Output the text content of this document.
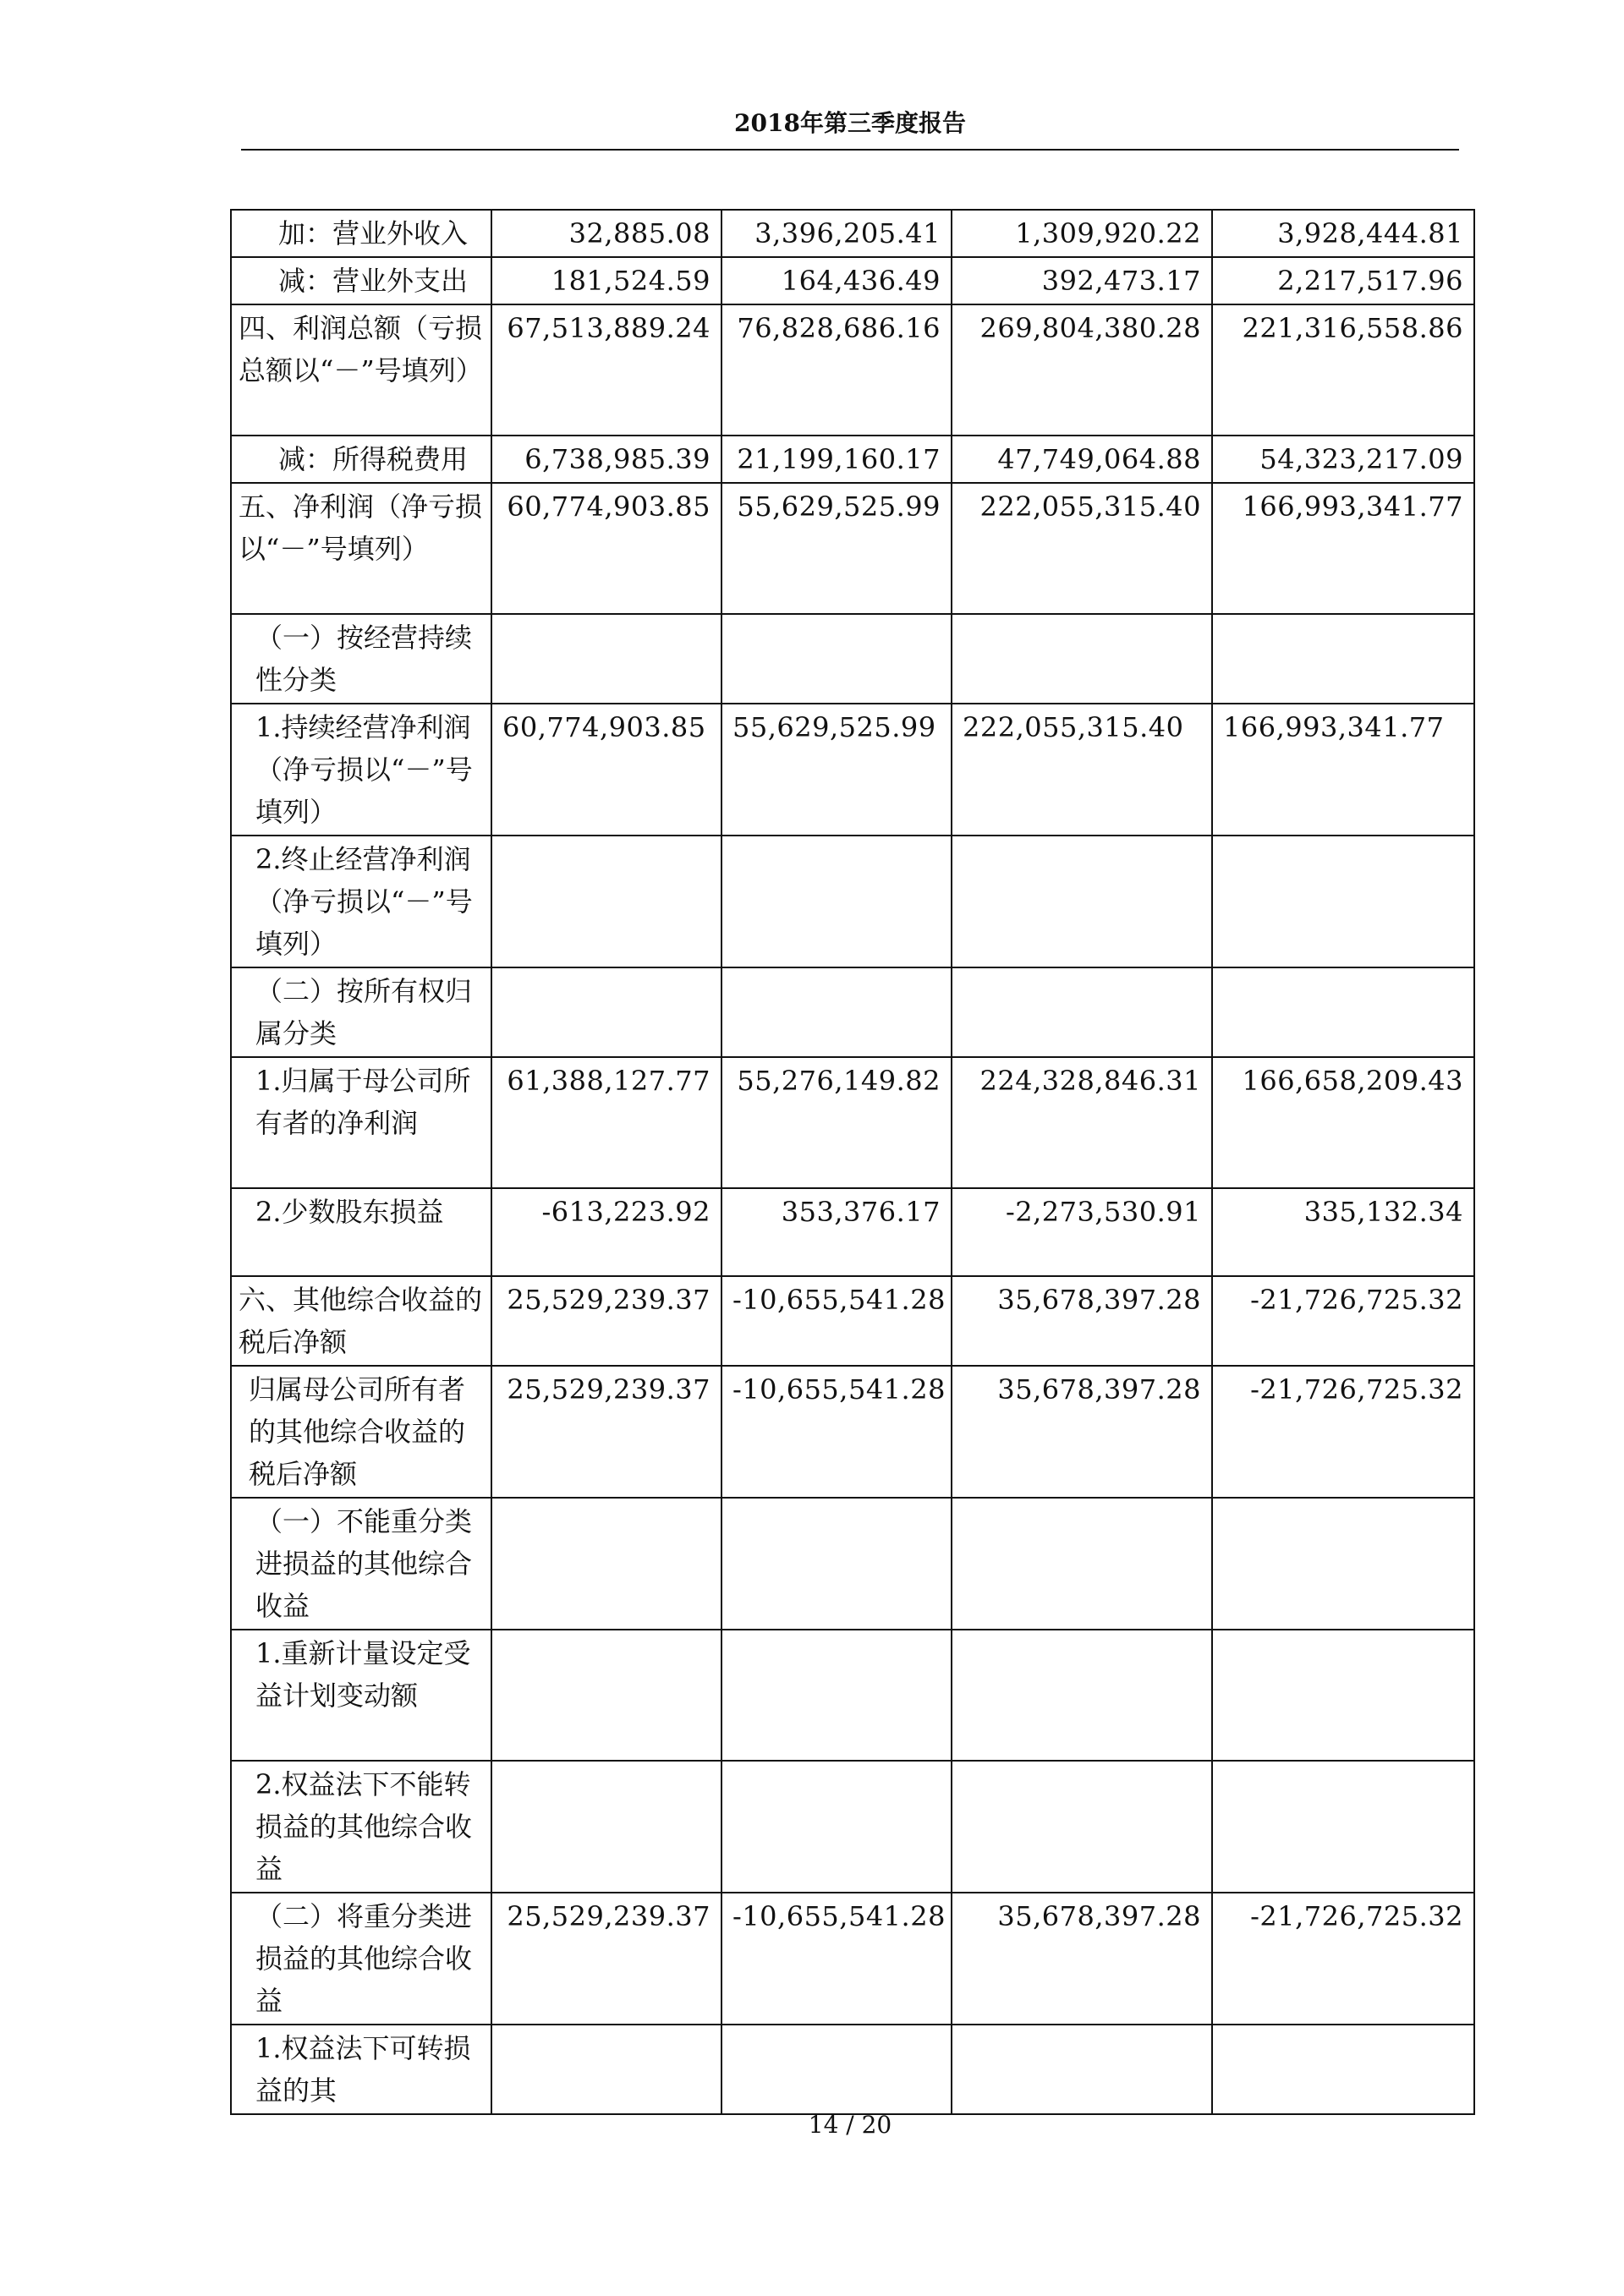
2018年第三季度报告
加：营业外收入	32,885.08	3,396,205.41	1,309,920.22	3,928,444.81
减：营业外支出	181,524.59	164,436.49	392,473.17	2,217,517.96
四、利润总额（亏损总额以“－”号填列）	67,513,889.24	76,828,686.16	269,804,380.28	221,316,558.86
减：所得税费用	6,738,985.39	21,199,160.17	47,749,064.88	54,323,217.09
五、净利润（净亏损以“－”号填列）	60,774,903.85	55,629,525.99	222,055,315.40	166,993,341.77
（一）按经营持续性分类				
1.持续经营净利润（净亏损以“－”号填列）	60,774,903.85	55,629,525.99	222,055,315.40	166,993,341.77
2.终止经营净利润（净亏损以“－”号填列）				
（二）按所有权归属分类				
1.归属于母公司所有者的净利润	61,388,127.77	55,276,149.82	224,328,846.31	166,658,209.43
2.少数股东损益	-613,223.92	353,376.17	-2,273,530.91	335,132.34
六、其他综合收益的税后净额	25,529,239.37	-10,655,541.28	35,678,397.28	-21,726,725.32
归属母公司所有者的其他综合收益的税后净额	25,529,239.37	-10,655,541.28	35,678,397.28	-21,726,725.32
（一）不能重分类进损益的其他综合收益				
1.重新计量设定受益计划变动额				
2.权益法下不能转损益的其他综合收益				
（二）将重分类进损益的其他综合收益	25,529,239.37	-10,655,541.28	35,678,397.28	-21,726,725.32
1.权益法下可转损益的其				
14 / 20
